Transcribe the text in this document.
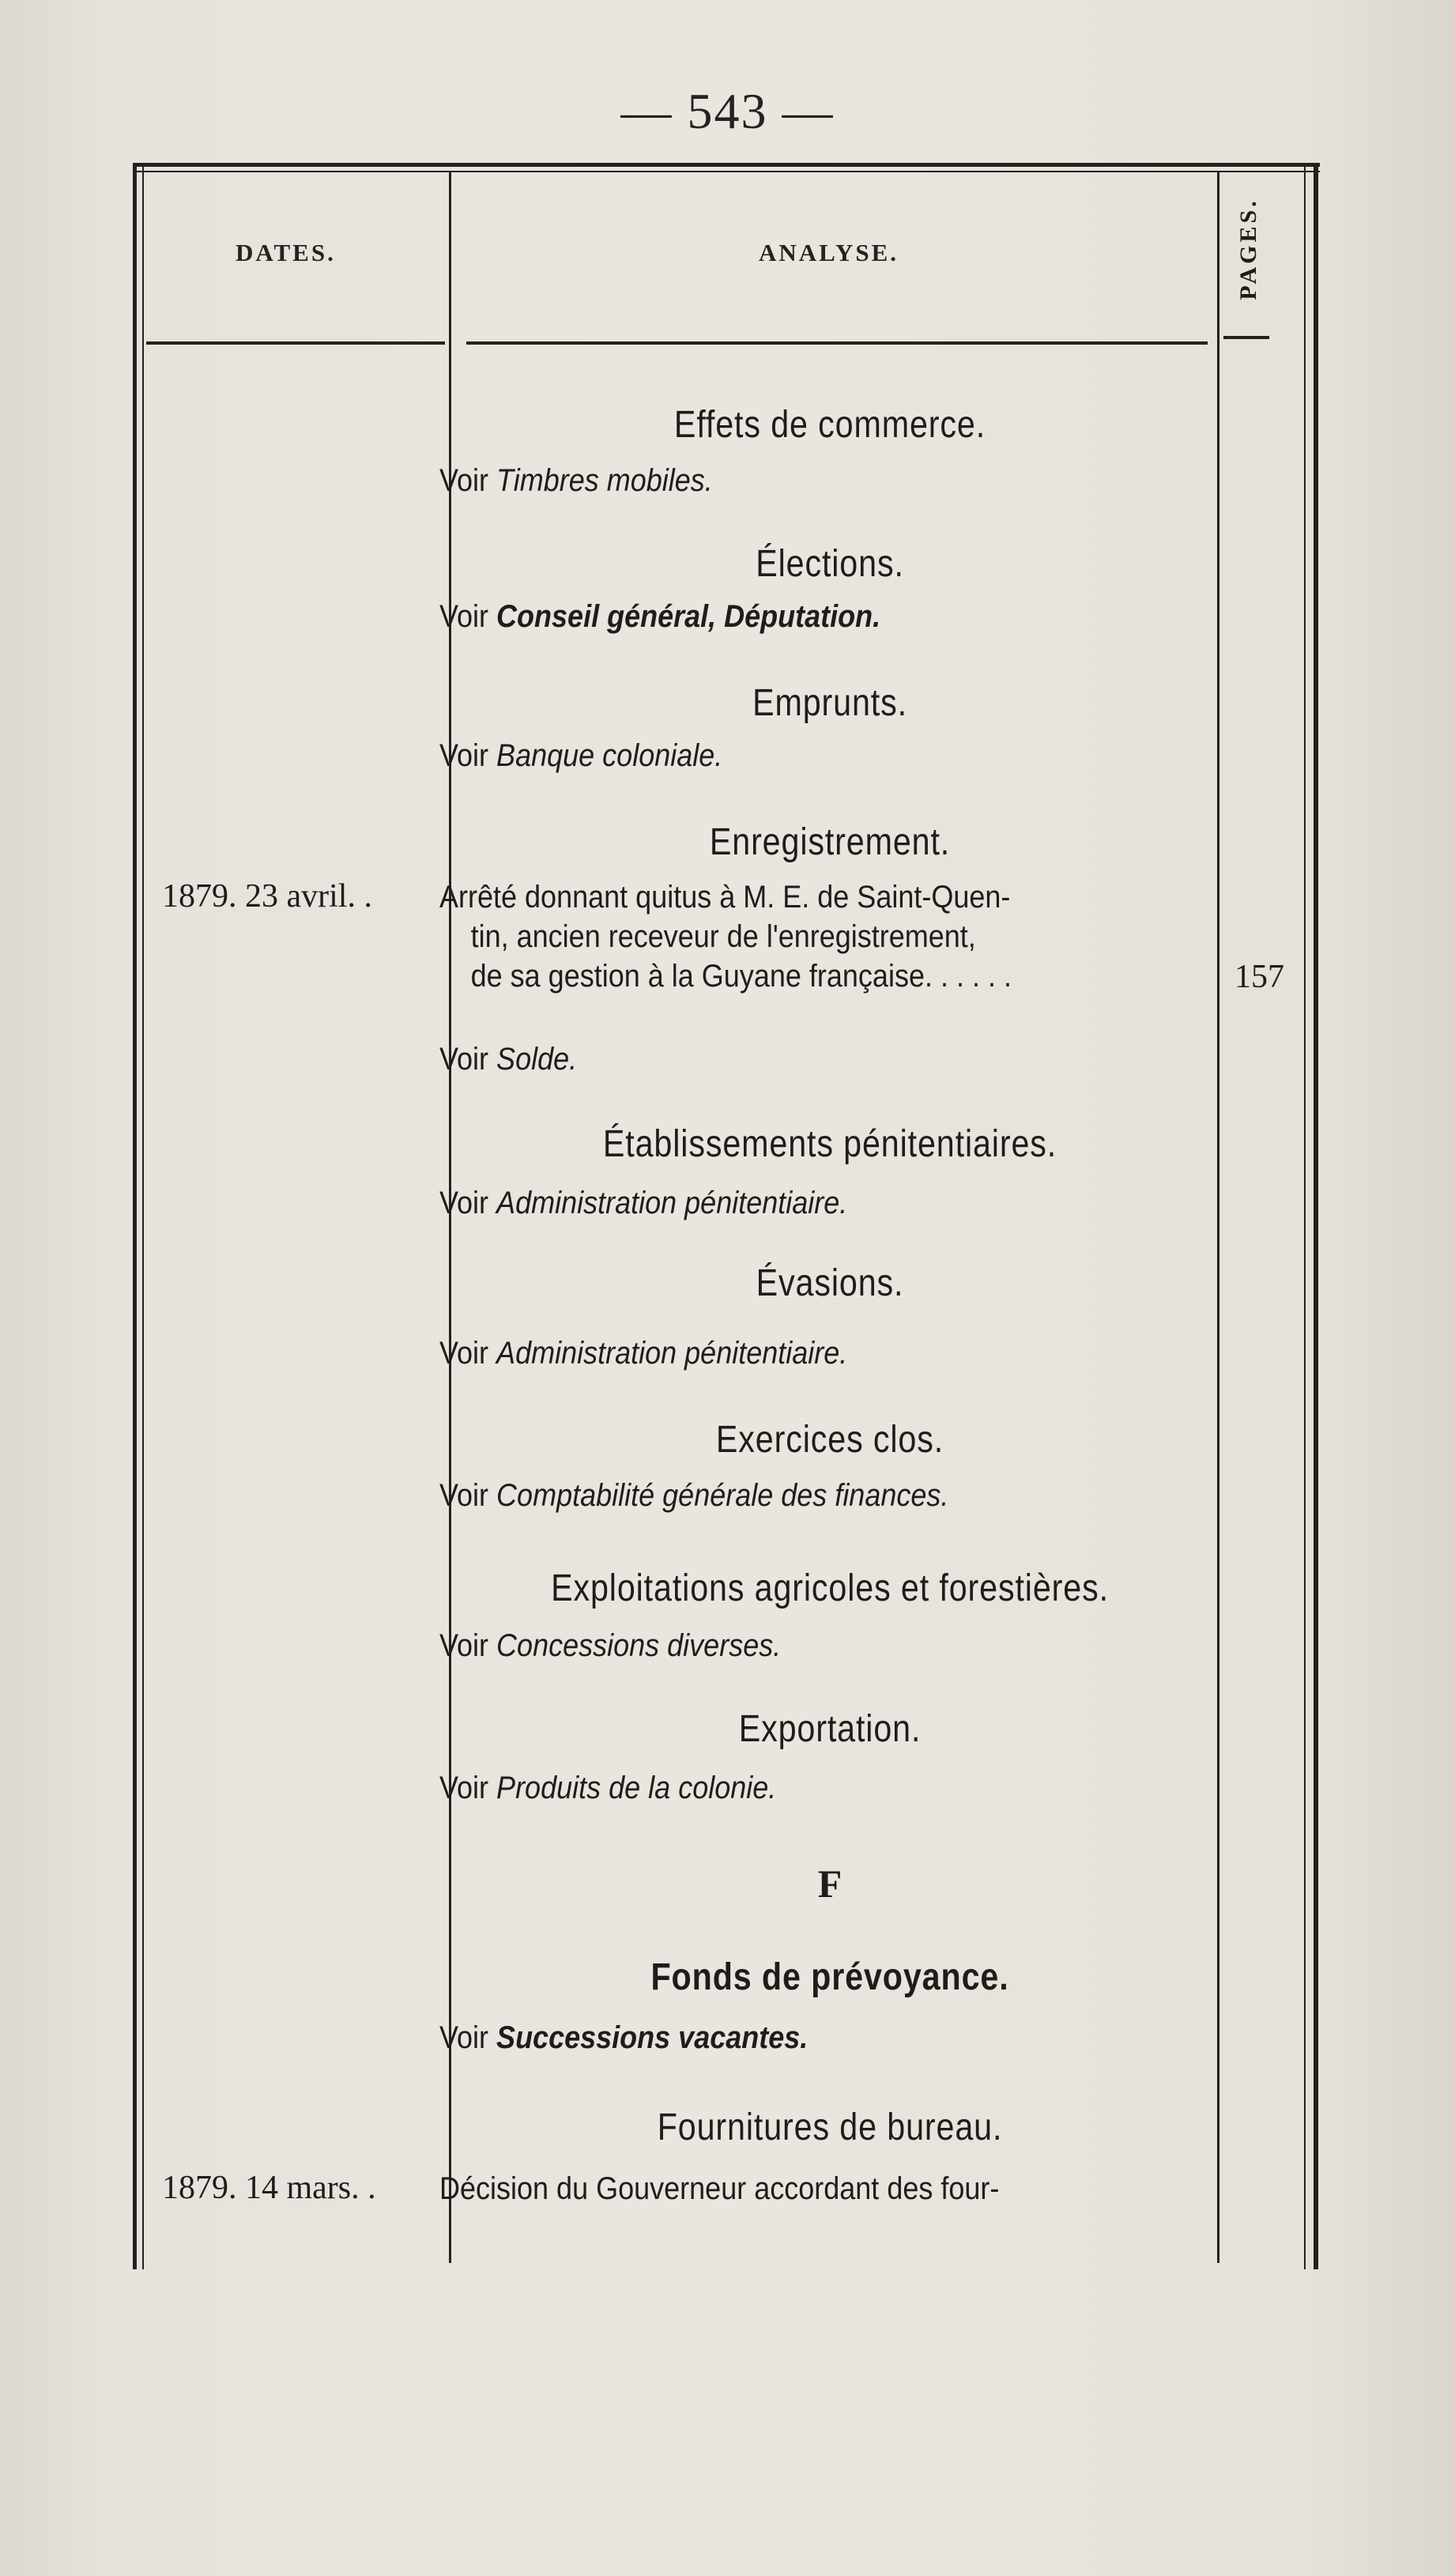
— 543 —
DATES.	ANALYSE.	PAGES.
Effets de commerce.
Voir Timbres mobiles.
Élections.
Voir Conseil général, Députation.
Emprunts.
Voir Banque coloniale.
Enregistrement.
1879. 23 avril. . Arrêté donnant quitus à M. E. de Saint-Quen-
tin, ancien receveur de l'enregistrement,
de sa gestion à la Guyane française. . . . . .	157
Voir Solde.
Établissements pénitentiaires.
Voir Administration pénitentiaire.
Évasions.
Voir Administration pénitentiaire.
Exercices clos.
Voir Comptabilité générale des finances.
Exploitations agricoles et forestières.
Voir Concessions diverses.
Exportation.
Voir Produits de la colonie.
F
Fonds de prévoyance.
Voir Successions vacantes.
Fournitures de bureau.
1879. 14 mars. . Décision du Gouverneur accordant des four-
